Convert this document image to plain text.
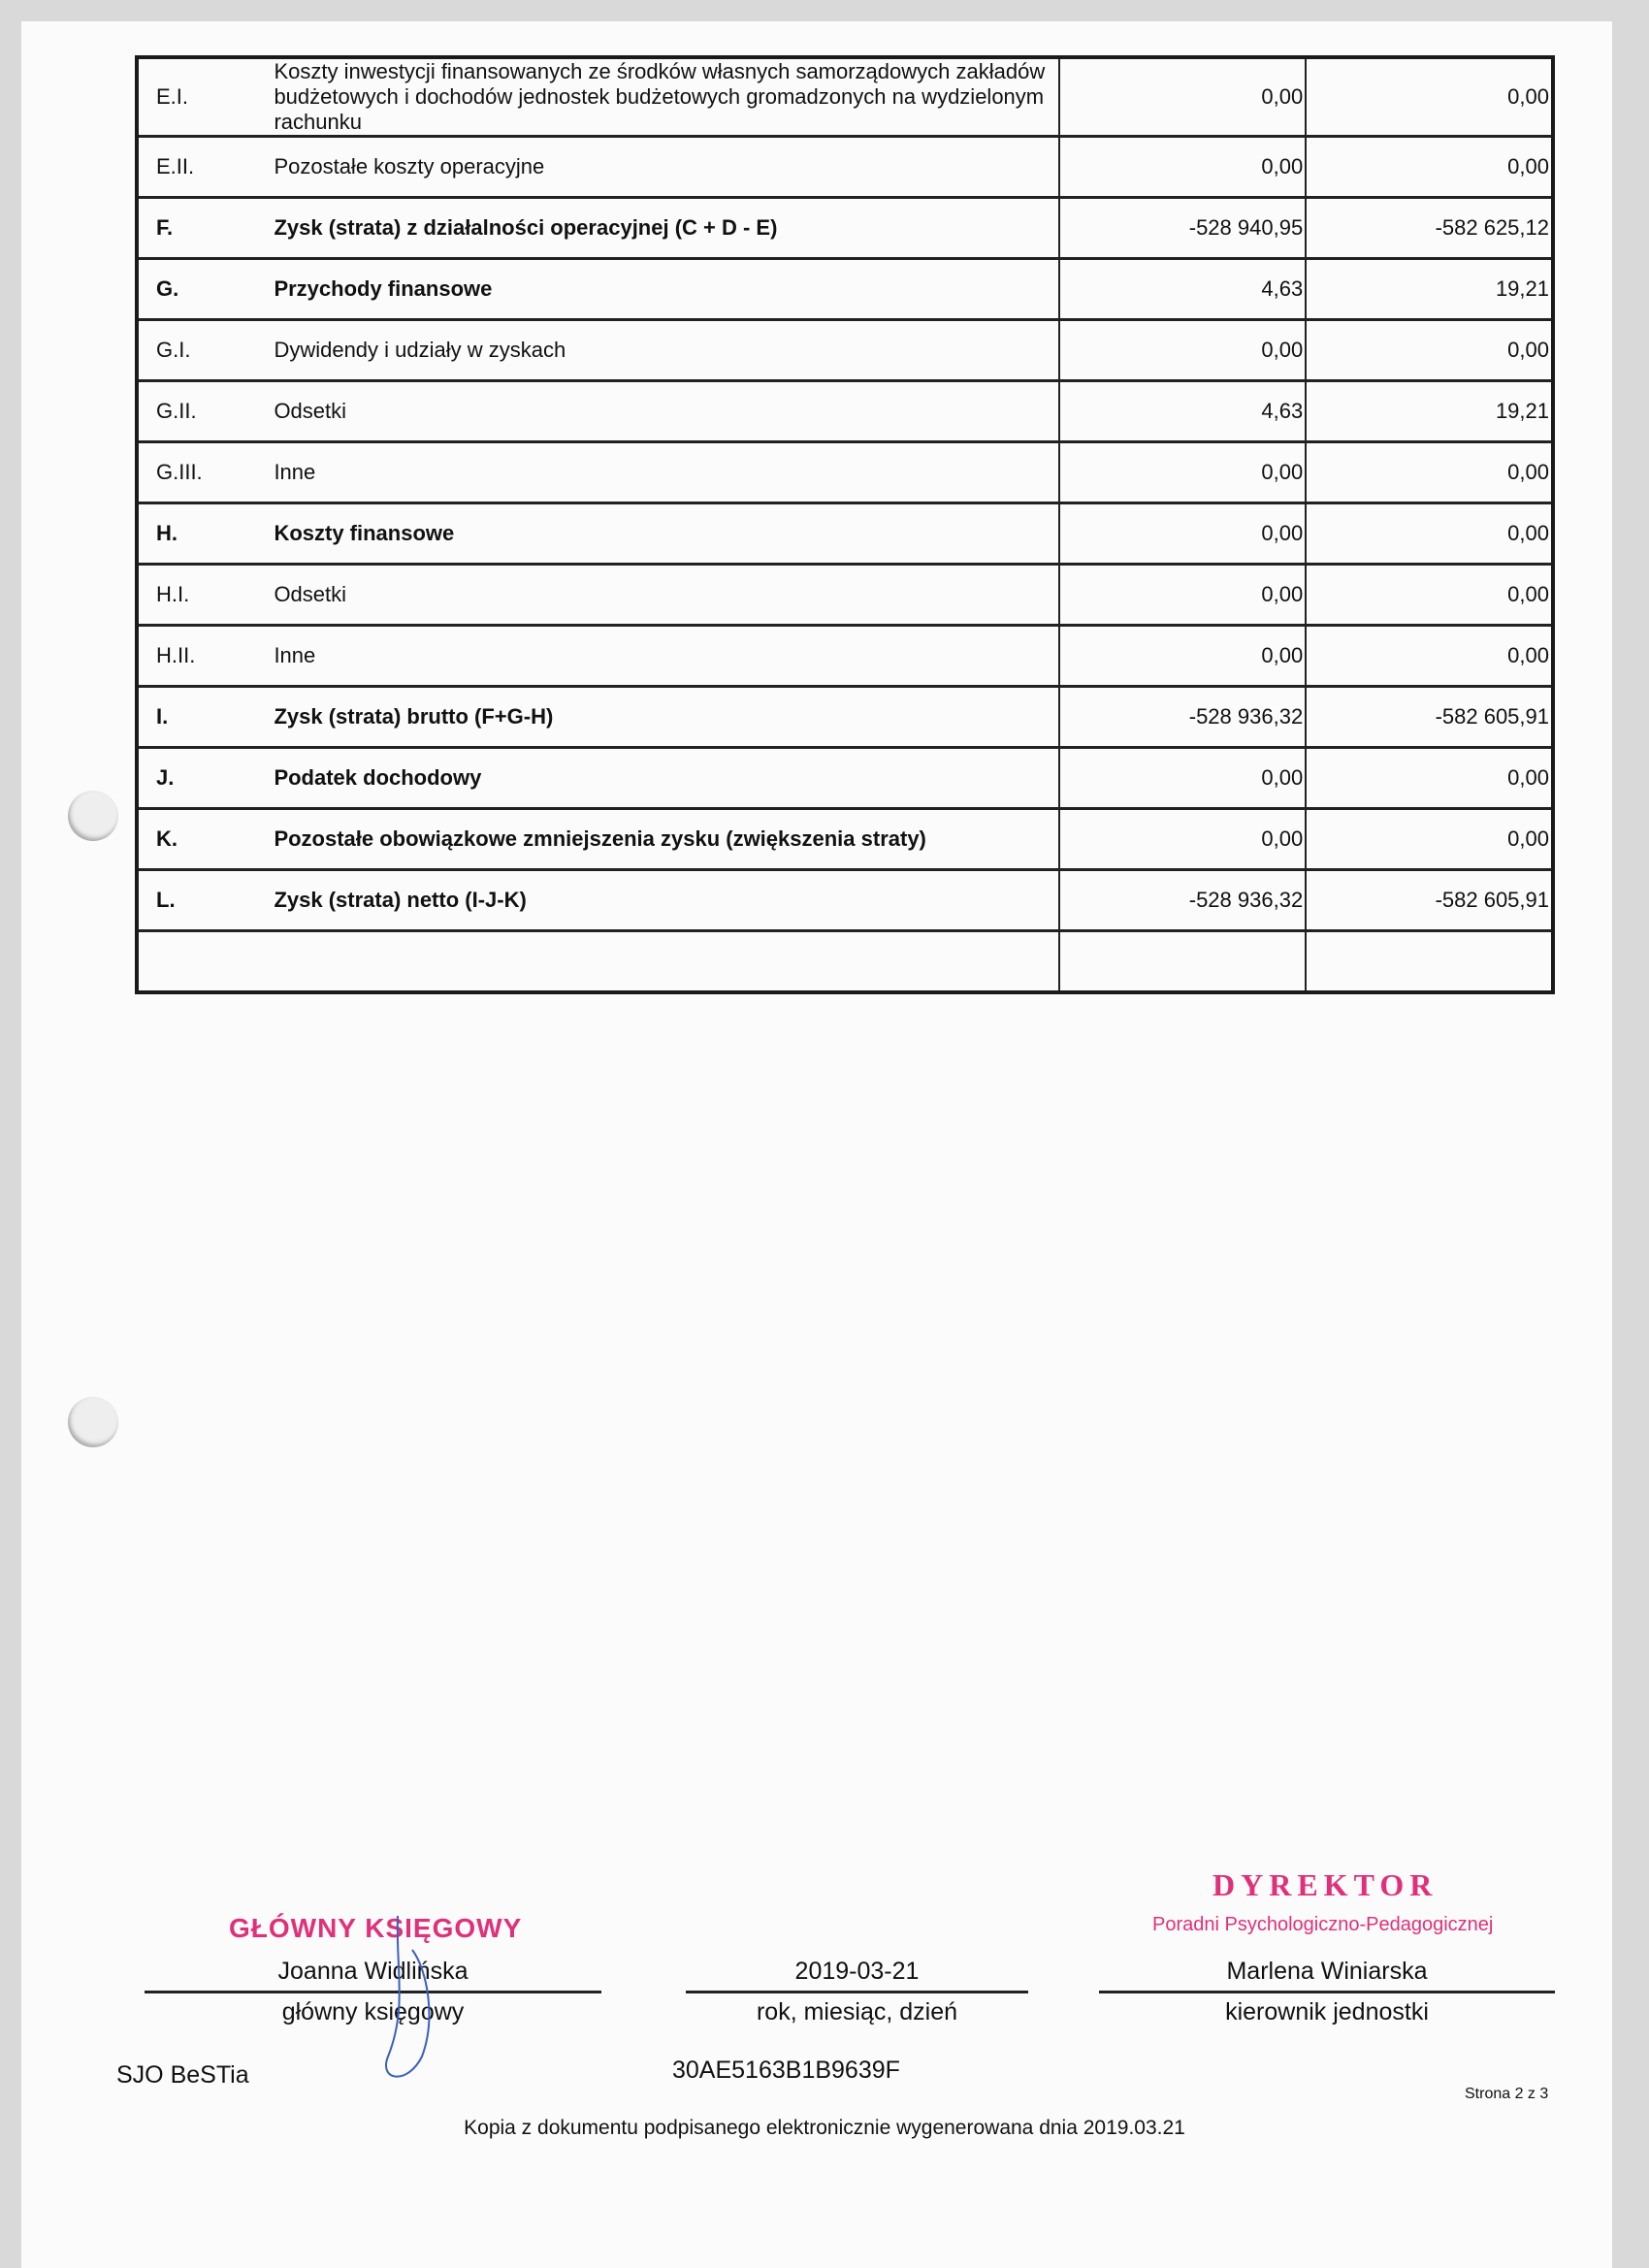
E.I.	Koszty inwestycji finansowanych ze środków własnych samorządowych zakładów budżetowych i dochodów jednostek budżetowych gromadzonych na wydzielonym rachunku	0,00	0,00
E.II.	Pozostałe koszty operacyjne	0,00	0,00
F.	Zysk (strata) z działalności operacyjnej (C + D - E)	-528 940,95	-582 625,12
G.	Przychody finansowe	4,63	19,21
G.I.	Dywidendy i udziały w zyskach	0,00	0,00
G.II.	Odsetki	4,63	19,21
G.III.	Inne	0,00	0,00
H.	Koszty finansowe	0,00	0,00
H.I.	Odsetki	0,00	0,00
H.II.	Inne	0,00	0,00
I.	Zysk (strata) brutto (F+G-H)	-528 936,32	-582 605,91
J.	Podatek dochodowy	0,00	0,00
K.	Pozostałe obowiązkowe zmniejszenia zysku (zwiększenia straty)	0,00	0,00
L.	Zysk (strata) netto (I-J-K)	-528 936,32	-582 605,91

GŁÓWNY KSIĘGOWY
Joanna Widlińska
główny księgowy
2019-03-21
rok, miesiąc, dzień
DYREKTOR
Poradni Psychologiczno-Pedagogicznej
Marlena Winiarska
kierownik jednostki
SJO BeSTia	30AE5163B1B9639F
Strona 2 z 3
Kopia z dokumentu podpisanego elektronicznie wygenerowana dnia 2019.03.21
